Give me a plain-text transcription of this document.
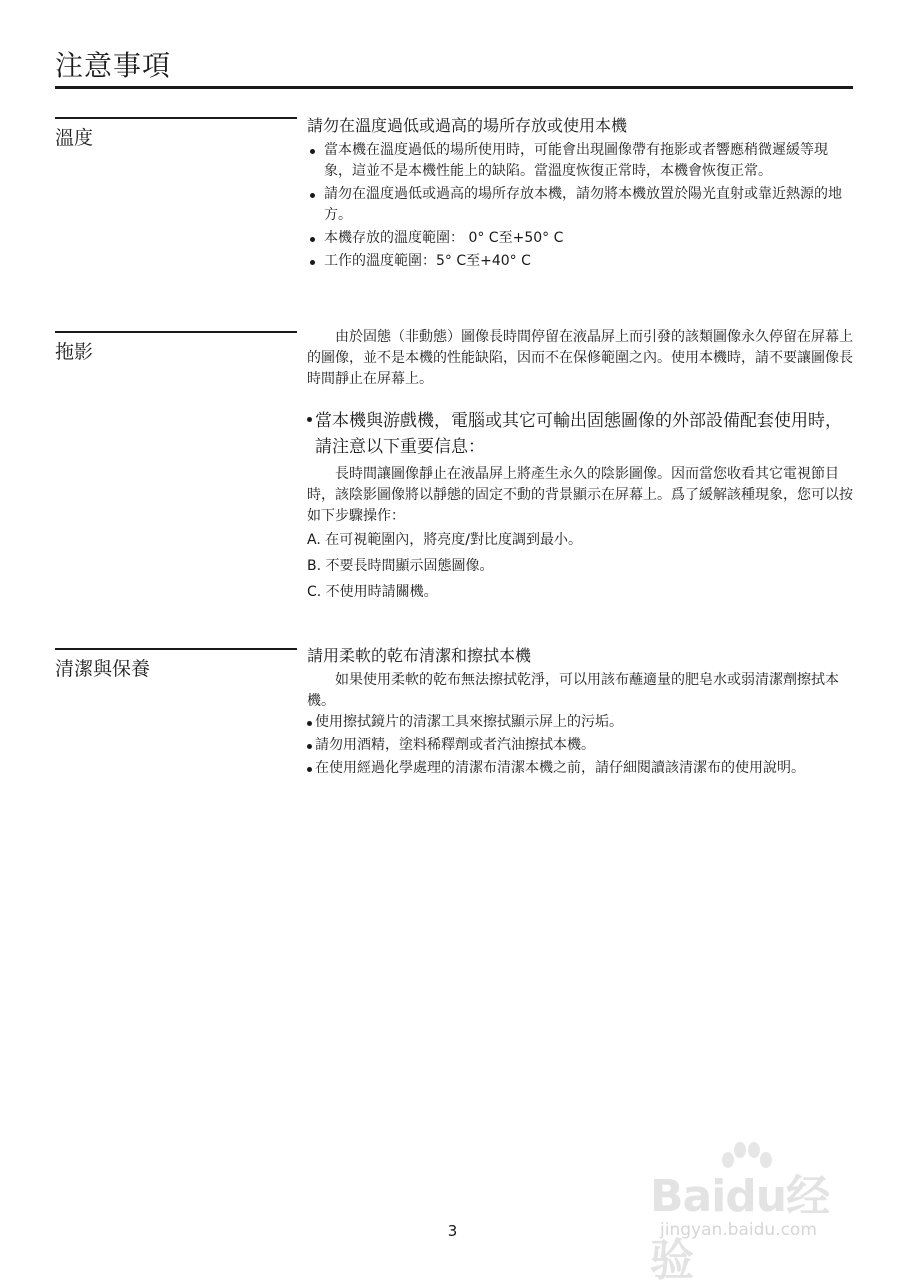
注意事項
溫度

請勿在溫度過低或過高的場所存放或使用本機

當本機在溫度過低的場所使用時，可能會出現圖像帶有拖影或者響應稍微遲緩等現象，這並不是本機性能上的缺陷。當溫度恢復正常時，本機會恢復正常。
請勿在溫度過低或過高的場所存放本機，請勿將本機放置於陽光直射或靠近熱源的地方。
本機存放的溫度範圍： 0° C至+50° C
工作的溫度範圍：5° C至+40° C
拖影

由於固態（非動態）圖像長時間停留在液晶屏上而引發的該類圖像永久停留在屏幕上的圖像，並不是本機的性能缺陷，因而不在保修範圍之內。使用本機時，請不要讓圖像長時間靜止在屏幕上。

當本機與游戲機，電腦或其它可輸出固態圖像的外部設備配套使用時，請注意以下重要信息：

長時間讓圖像靜止在液晶屏上將產生永久的陰影圖像。因而當您收看其它電視節目時，該陰影圖像將以靜態的固定不動的背景顯示在屏幕上。爲了緩解該種現象，您可以按如下步驟操作：

A. 在可視範圍內，將亮度/對比度調到最小。

B. 不要長時間顯示固態圖像。

C. 不使用時請關機。

清潔與保養

請用柔軟的乾布清潔和擦拭本機

如果使用柔軟的乾布無法擦拭乾淨，可以用該布蘸適量的肥皂水或弱清潔劑擦拭本機。

使用擦拭鏡片的清潔工具來擦拭顯示屏上的污垢。
請勿用酒精，塗料稀釋劑或者汽油擦拭本機。
在使用經過化學處理的清潔布清潔本機之前，請仔細閱讀該清潔布的使用說明。
Baidu经验
jingyan.baidu.com
3
